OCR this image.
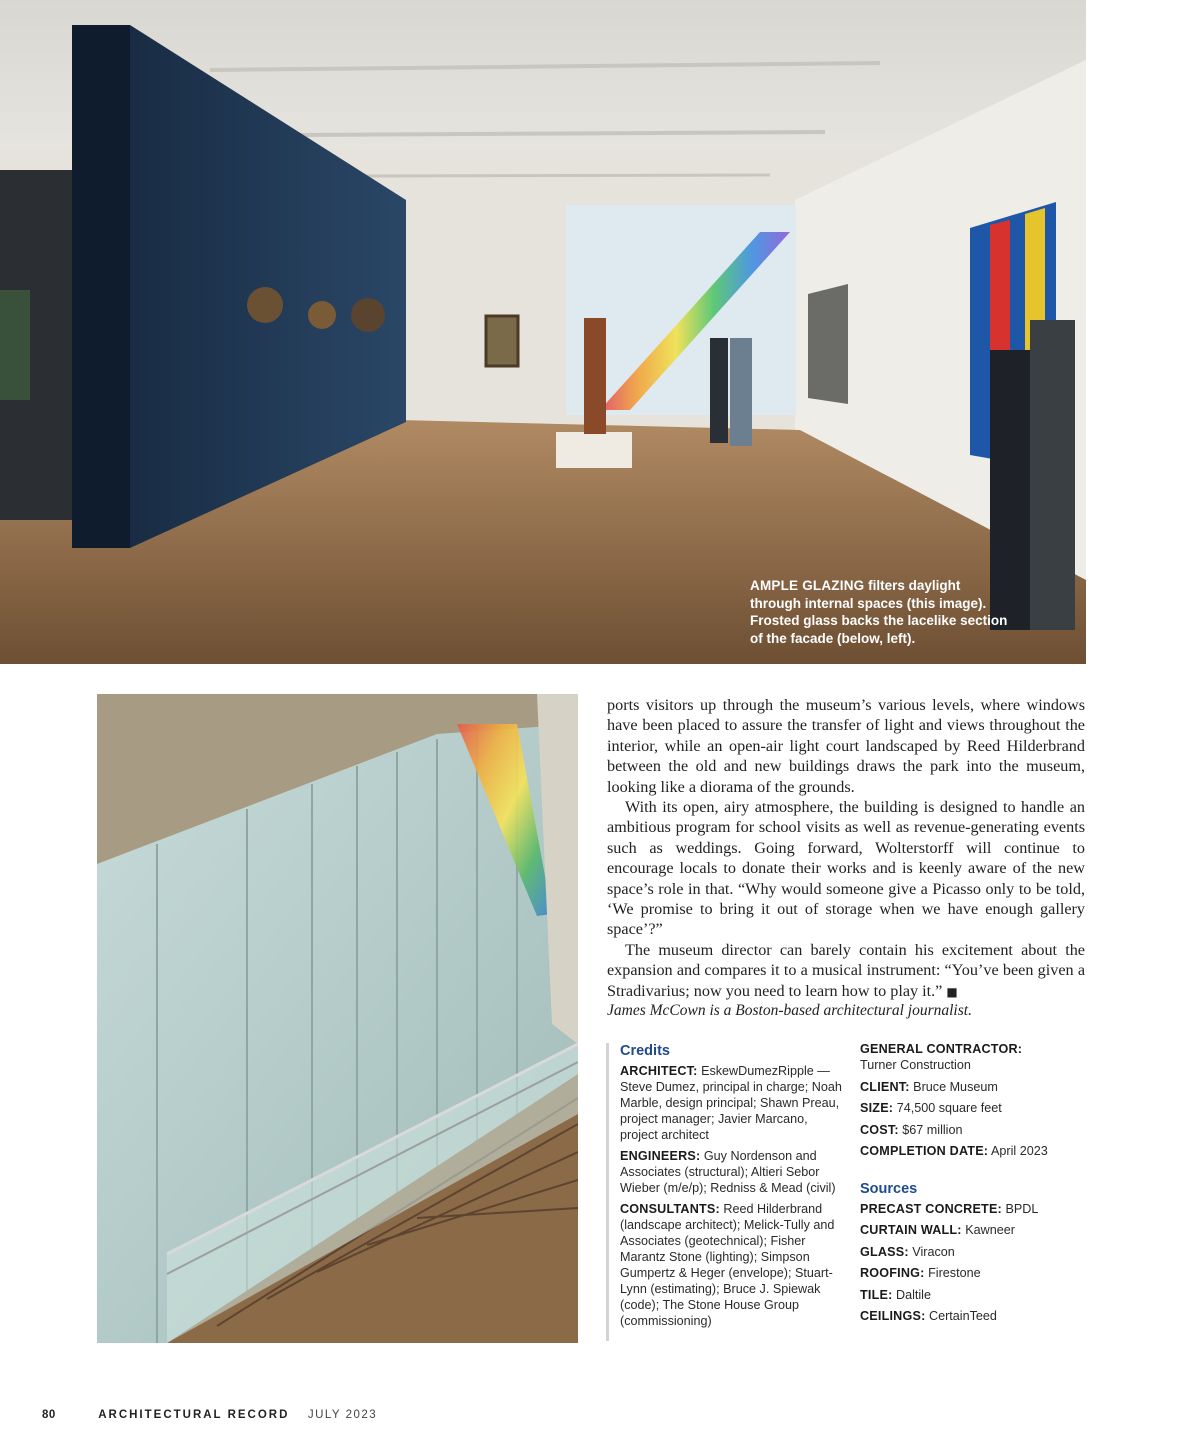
AMPLE GLAZING filters daylight through internal spaces (this image). Frosted glass backs the lacelike section of the facade (below, left).

ports visitors up through the museum’s various levels, where windows have been placed to assure the transfer of light and views throughout the interior, while an open-air light court landscaped by Reed Hilderbrand between the old and new buildings draws the park into the museum, looking like a diorama of the grounds.

With its open, airy atmosphere, the building is designed to handle an ambitious program for school visits as well as revenue-generating events such as weddings. Going forward, Wolterstorff will continue to encourage locals to donate their works and is keenly aware of the new space’s role in that. “Why would someone give a Picasso only to be told, ‘We promise to bring it out of storage when we have enough gallery space’?”

The museum director can barely contain his excitement about the expansion and compares it to a musical instrument: “You’ve been given a Stradivarius; now you need to learn how to play it.” ■

James McCown is a Boston-based architectural journalist.
Credits
ARCHITECT: EskewDumezRipple — Steve Dumez, principal in charge; Noah Marble, design principal; Shawn Preau, project manager; Javier Marcano, project architect
ENGINEERS: Guy Nordenson and Associates (structural); Altieri Sebor Wieber (m/e/p); Redniss & Mead (civil)
CONSULTANTS: Reed Hilderbrand (landscape architect); Melick-Tully and Associates (geotechnical); Fisher Marantz Stone (lighting); Simpson Gumpertz & Heger (envelope); Stuart-Lynn (estimating); Bruce J. Spiewak (code); The Stone House Group (commissioning)
GENERAL CONTRACTOR:
Turner Construction
CLIENT: Bruce Museum
SIZE: 74,500 square feet
COST: $67 million
COMPLETION DATE: April 2023
Sources
PRECAST CONCRETE: BPDL
CURTAIN WALL: Kawneer
GLASS: Viracon
ROOFING: Firestone
TILE: Daltile
CEILINGS: CertainTeed
80	ARCHITECTURAL RECORD JULY 2023
